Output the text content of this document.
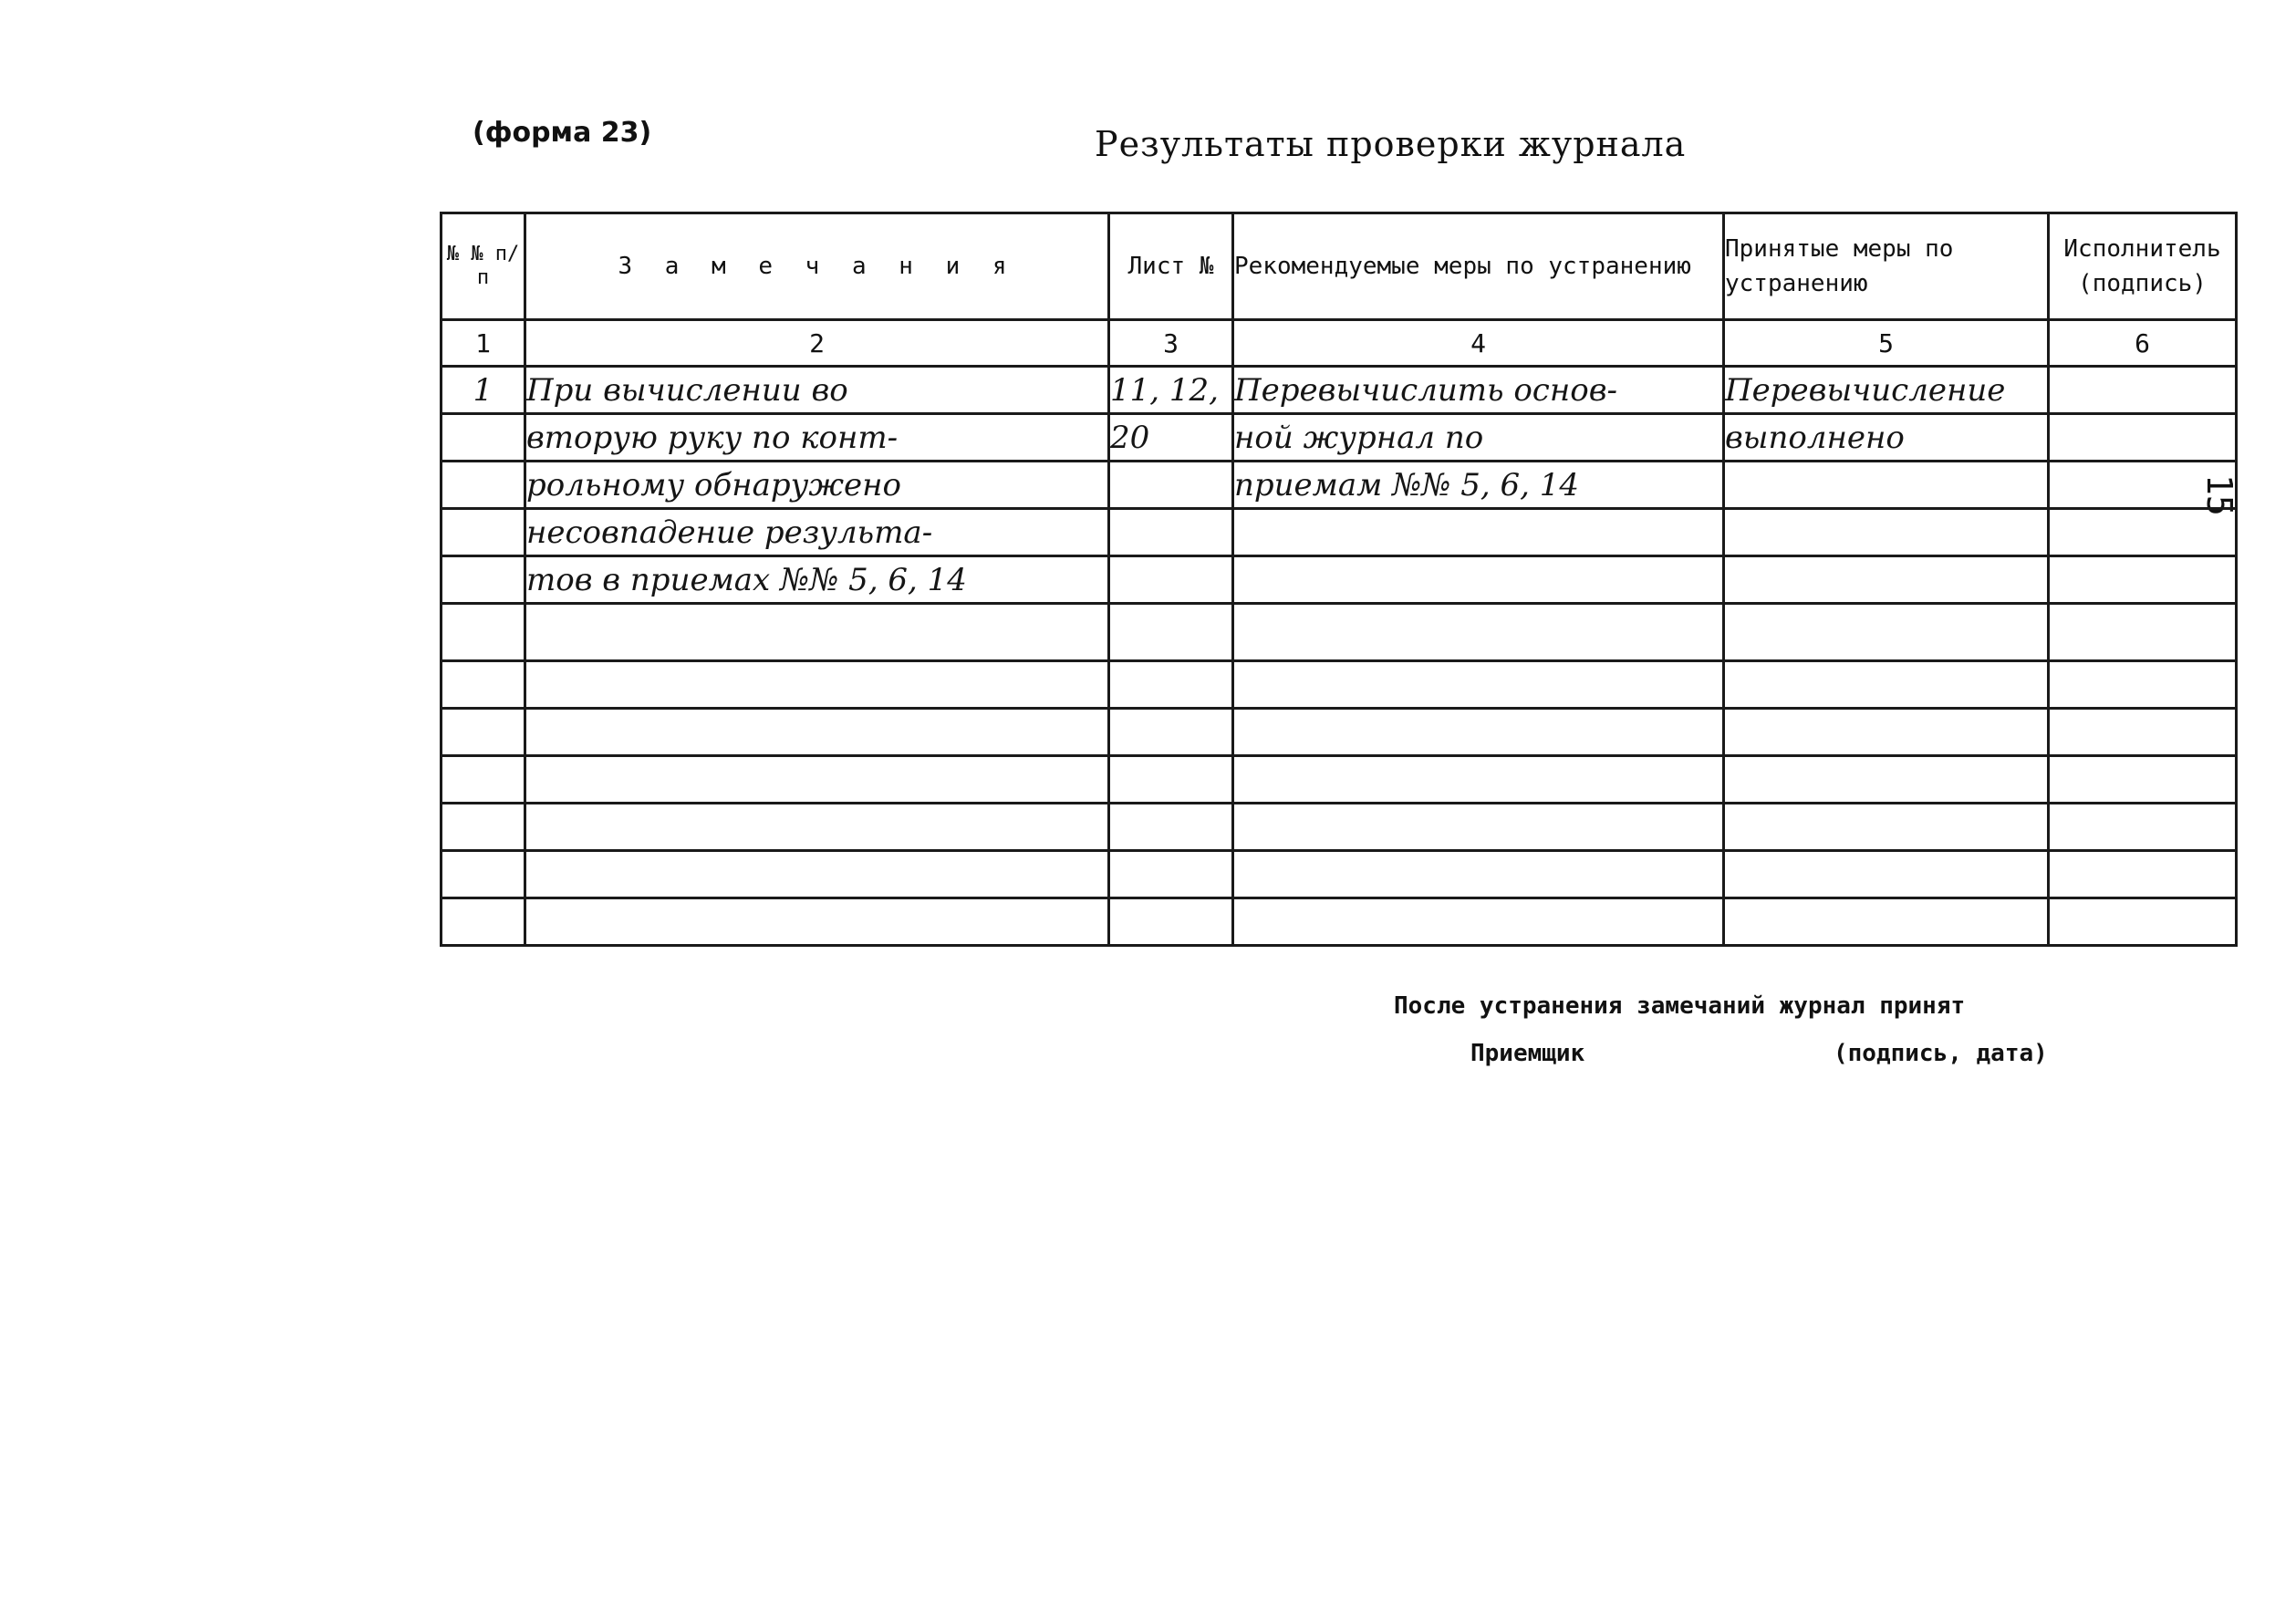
(форма 23)	Результаты проверки журнала
15
№ № п/п	З а м е ч а н и я	Лист №	Рекомендуемые меры по устранению	Принятые меры по устранению	Исполнитель (подпись)
1	2	3	4	5	6
1	При вычислении во	11, 12,	Перевычислить основ-	Перевычисление	
	вторую руку по конт-	20	ной журнал по	выполнено	
	рольному обнаружено		приемам №№ 5, 6, 14		
	несовпадение результа-				
	тов в приемах №№ 5, 6, 14				

После устранения замечаний журнал принят
Приемщик	(подпись, дата)
